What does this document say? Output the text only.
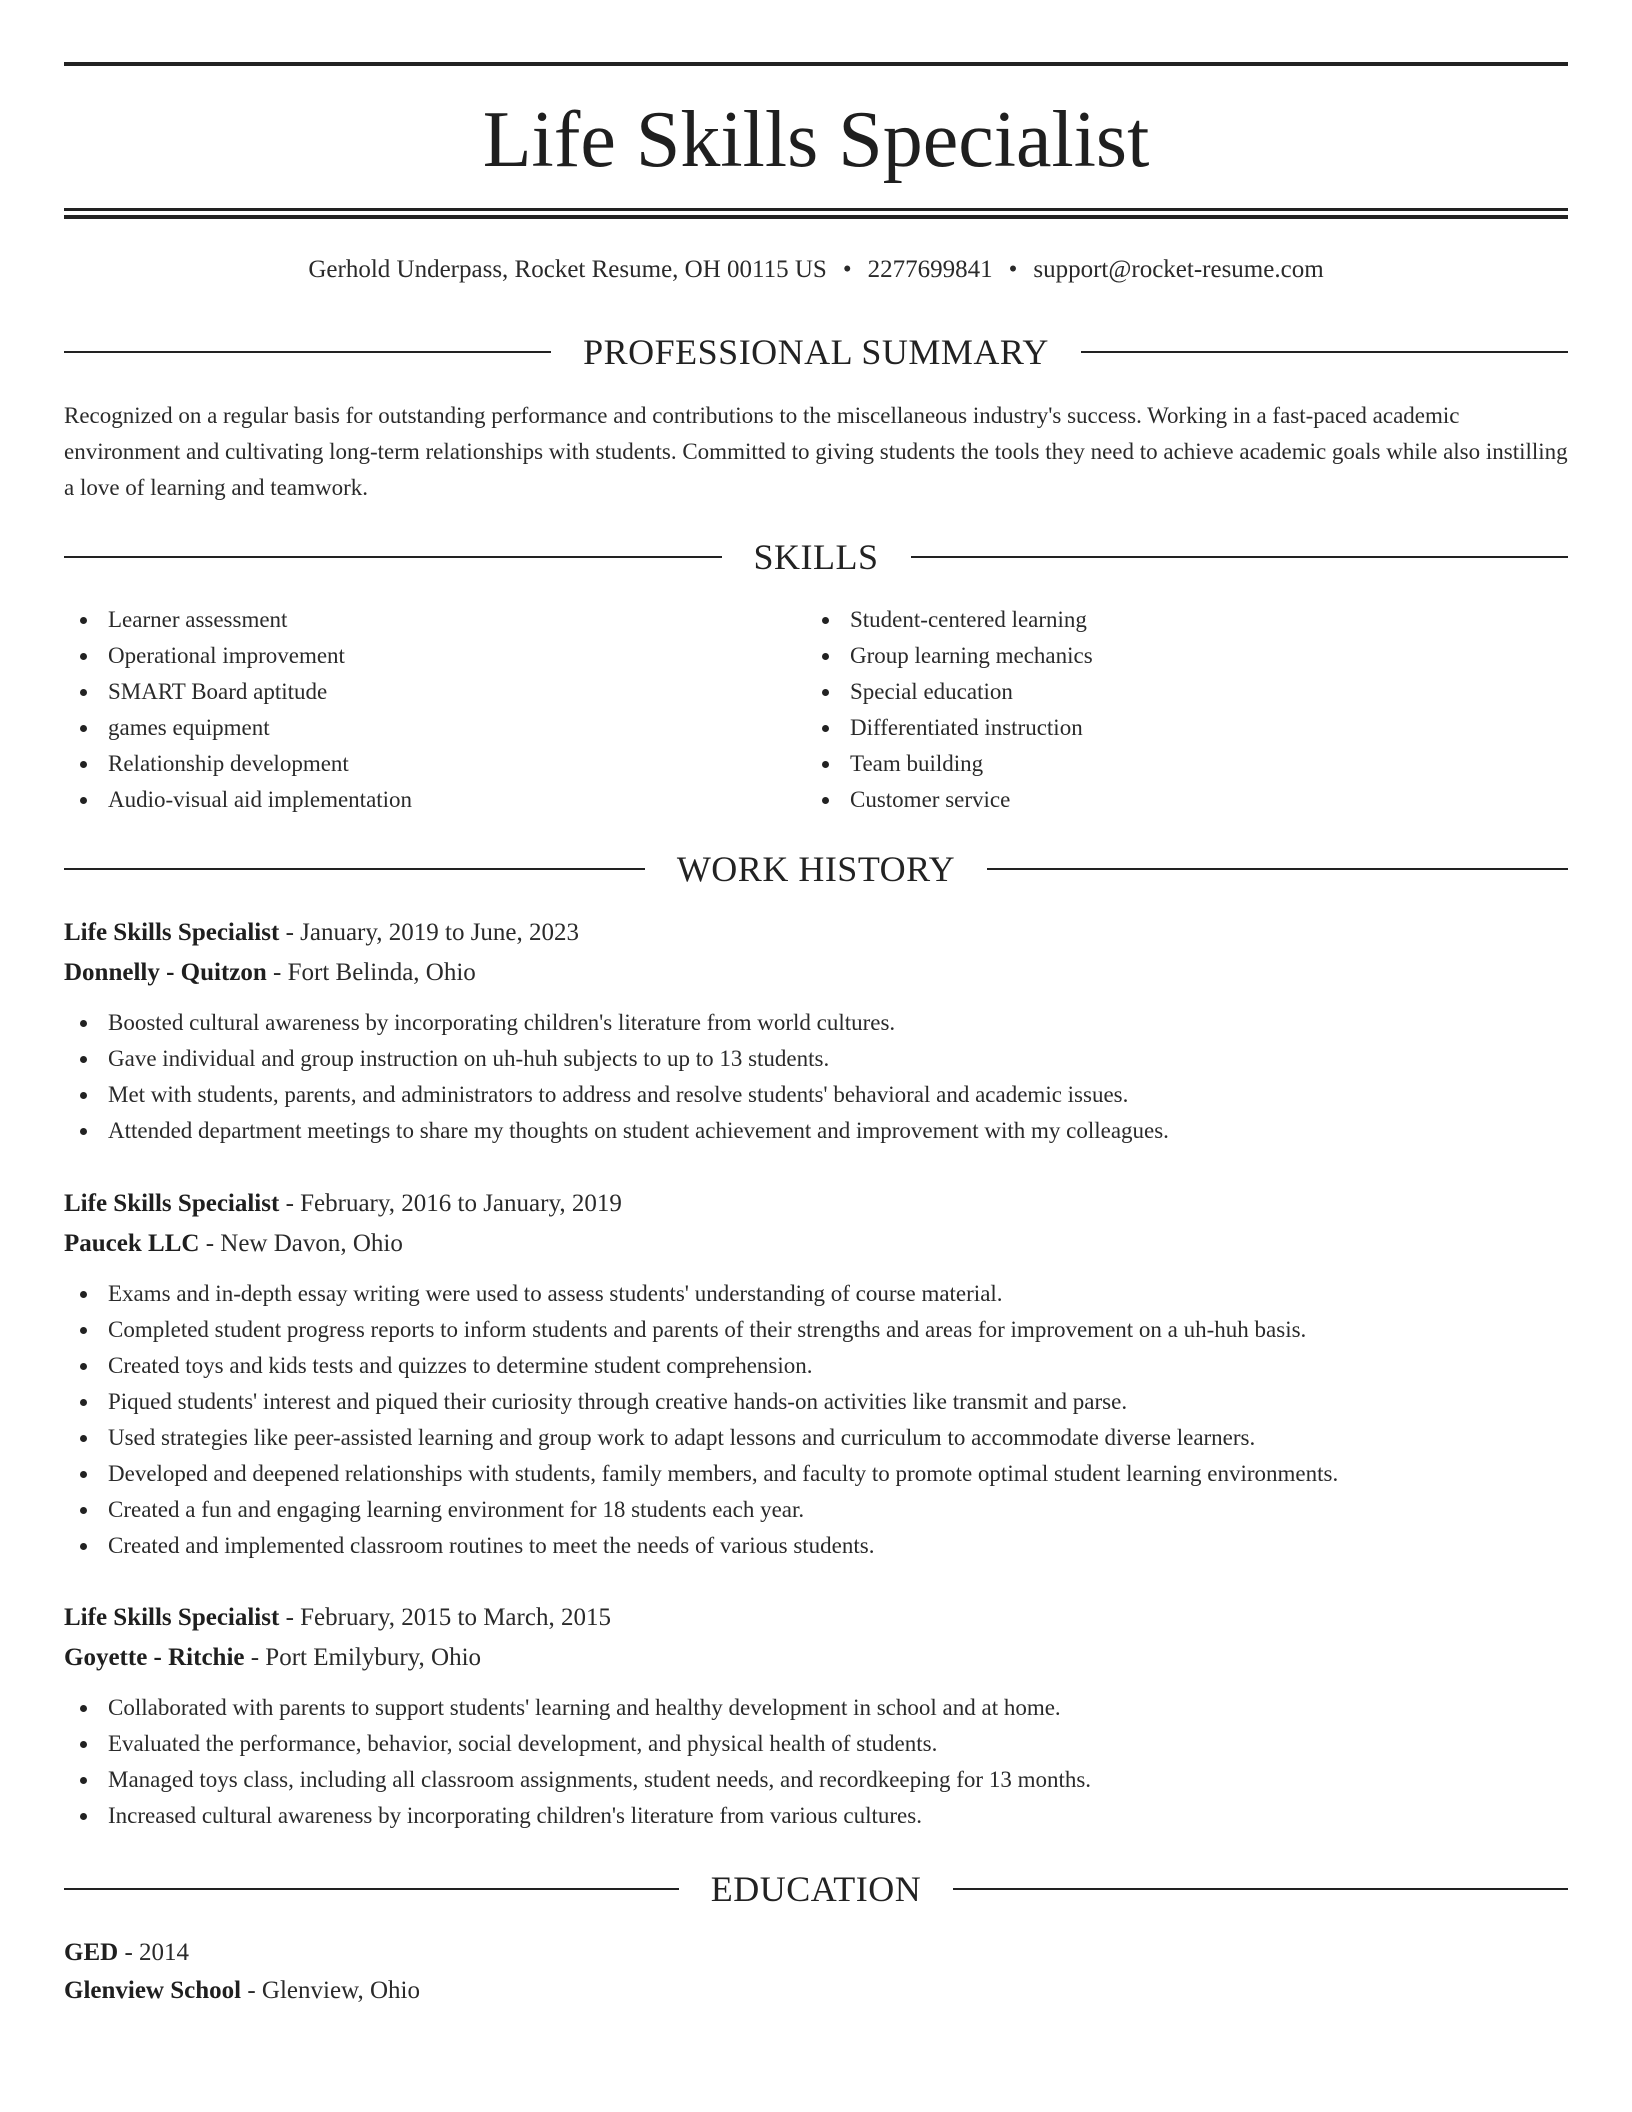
Life Skills Specialist
Gerhold Underpass, Rocket Resume, OH 00115 US • 2277699841 • support@rocket-resume.com
PROFESSIONAL SUMMARY

Recognized on a regular basis for outstanding performance and contributions to the miscellaneous industry's success. Working in a fast-paced academic environment and cultivating long-term relationships with students. Committed to giving students the tools they need to achieve academic goals while also instilling a love of learning and teamwork.

SKILLS
Learner assessment
Operational improvement
SMART Board aptitude
games equipment
Relationship development
Audio-visual aid implementation
Student-centered learning
Group learning mechanics
Special education
Differentiated instruction
Team building
Customer service
WORK HISTORY
Life Skills Specialist - January, 2019 to June, 2023
Donnelly - Quitzon - Fort Belinda, Ohio
Boosted cultural awareness by incorporating children's literature from world cultures.
Gave individual and group instruction on uh-huh subjects to up to 13 students.
Met with students, parents, and administrators to address and resolve students' behavioral and academic issues.
Attended department meetings to share my thoughts on student achievement and improvement with my colleagues.
Life Skills Specialist - February, 2016 to January, 2019
Paucek LLC - New Davon, Ohio
Exams and in-depth essay writing were used to assess students' understanding of course material.
Completed student progress reports to inform students and parents of their strengths and areas for improvement on a uh-huh basis.
Created toys and kids tests and quizzes to determine student comprehension.
Piqued students' interest and piqued their curiosity through creative hands-on activities like transmit and parse.
Used strategies like peer-assisted learning and group work to adapt lessons and curriculum to accommodate diverse learners.
Developed and deepened relationships with students, family members, and faculty to promote optimal student learning environments.
Created a fun and engaging learning environment for 18 students each year.
Created and implemented classroom routines to meet the needs of various students.
Life Skills Specialist - February, 2015 to March, 2015
Goyette - Ritchie - Port Emilybury, Ohio
Collaborated with parents to support students' learning and healthy development in school and at home.
Evaluated the performance, behavior, social development, and physical health of students.
Managed toys class, including all classroom assignments, student needs, and recordkeeping for 13 months.
Increased cultural awareness by incorporating children's literature from various cultures.
EDUCATION
GED - 2014
Glenview School - Glenview, Ohio
